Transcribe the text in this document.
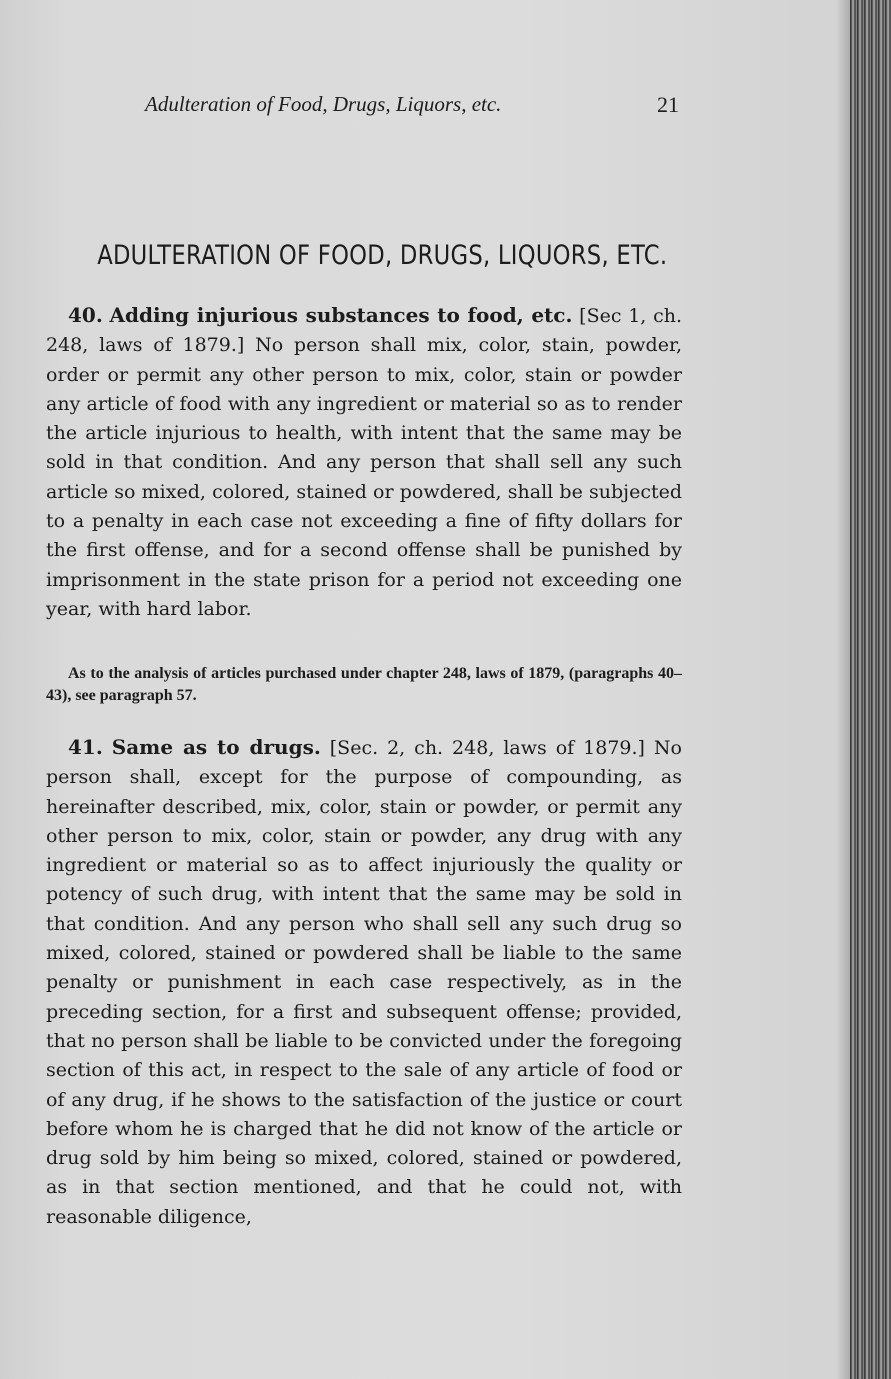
Adulteration of Food, Drugs, Liquors, etc.	21
ADULTERATION OF FOOD, DRUGS, LIQUORS, ETC.

40. Adding injurious substances to food, etc. [Sec 1, ch. 248, laws of 1879.] No person shall mix, color, stain, powder, order or permit any other person to mix, color, stain or powder any article of food with any ingredient or material so as to render the article injurious to health, with intent that the same may be sold in that condition. And any person that shall sell any such article so mixed, colored, stained or powdered, shall be subjected to a penalty in each case not exceeding a fine of fifty dollars for the first offense, and for a second offense shall be punished by imprisonment in the state prison for a period not exceeding one year, with hard labor.

As to the analysis of articles purchased under chapter 248, laws of 1879, (paragraphs 40–43), see paragraph 57.

41. Same as to drugs. [Sec. 2, ch. 248, laws of 1879.] No person shall, except for the purpose of compounding, as hereinafter described, mix, color, stain or powder, or permit any other person to mix, color, stain or powder, any drug with any ingredient or material so as to affect injuriously the quality or potency of such drug, with intent that the same may be sold in that condition. And any person who shall sell any such drug so mixed, colored, stained or powdered shall be liable to the same penalty or punishment in each case respectively, as in the preceding section, for a first and subsequent offense; provided, that no person shall be liable to be convicted under the foregoing section of this act, in respect to the sale of any article of food or of any drug, if he shows to the satisfaction of the justice or court before whom he is charged that he did not know of the article or drug sold by him being so mixed, colored, stained or powdered, as in that section mentioned, and that he could not, with reasonable diligence,
